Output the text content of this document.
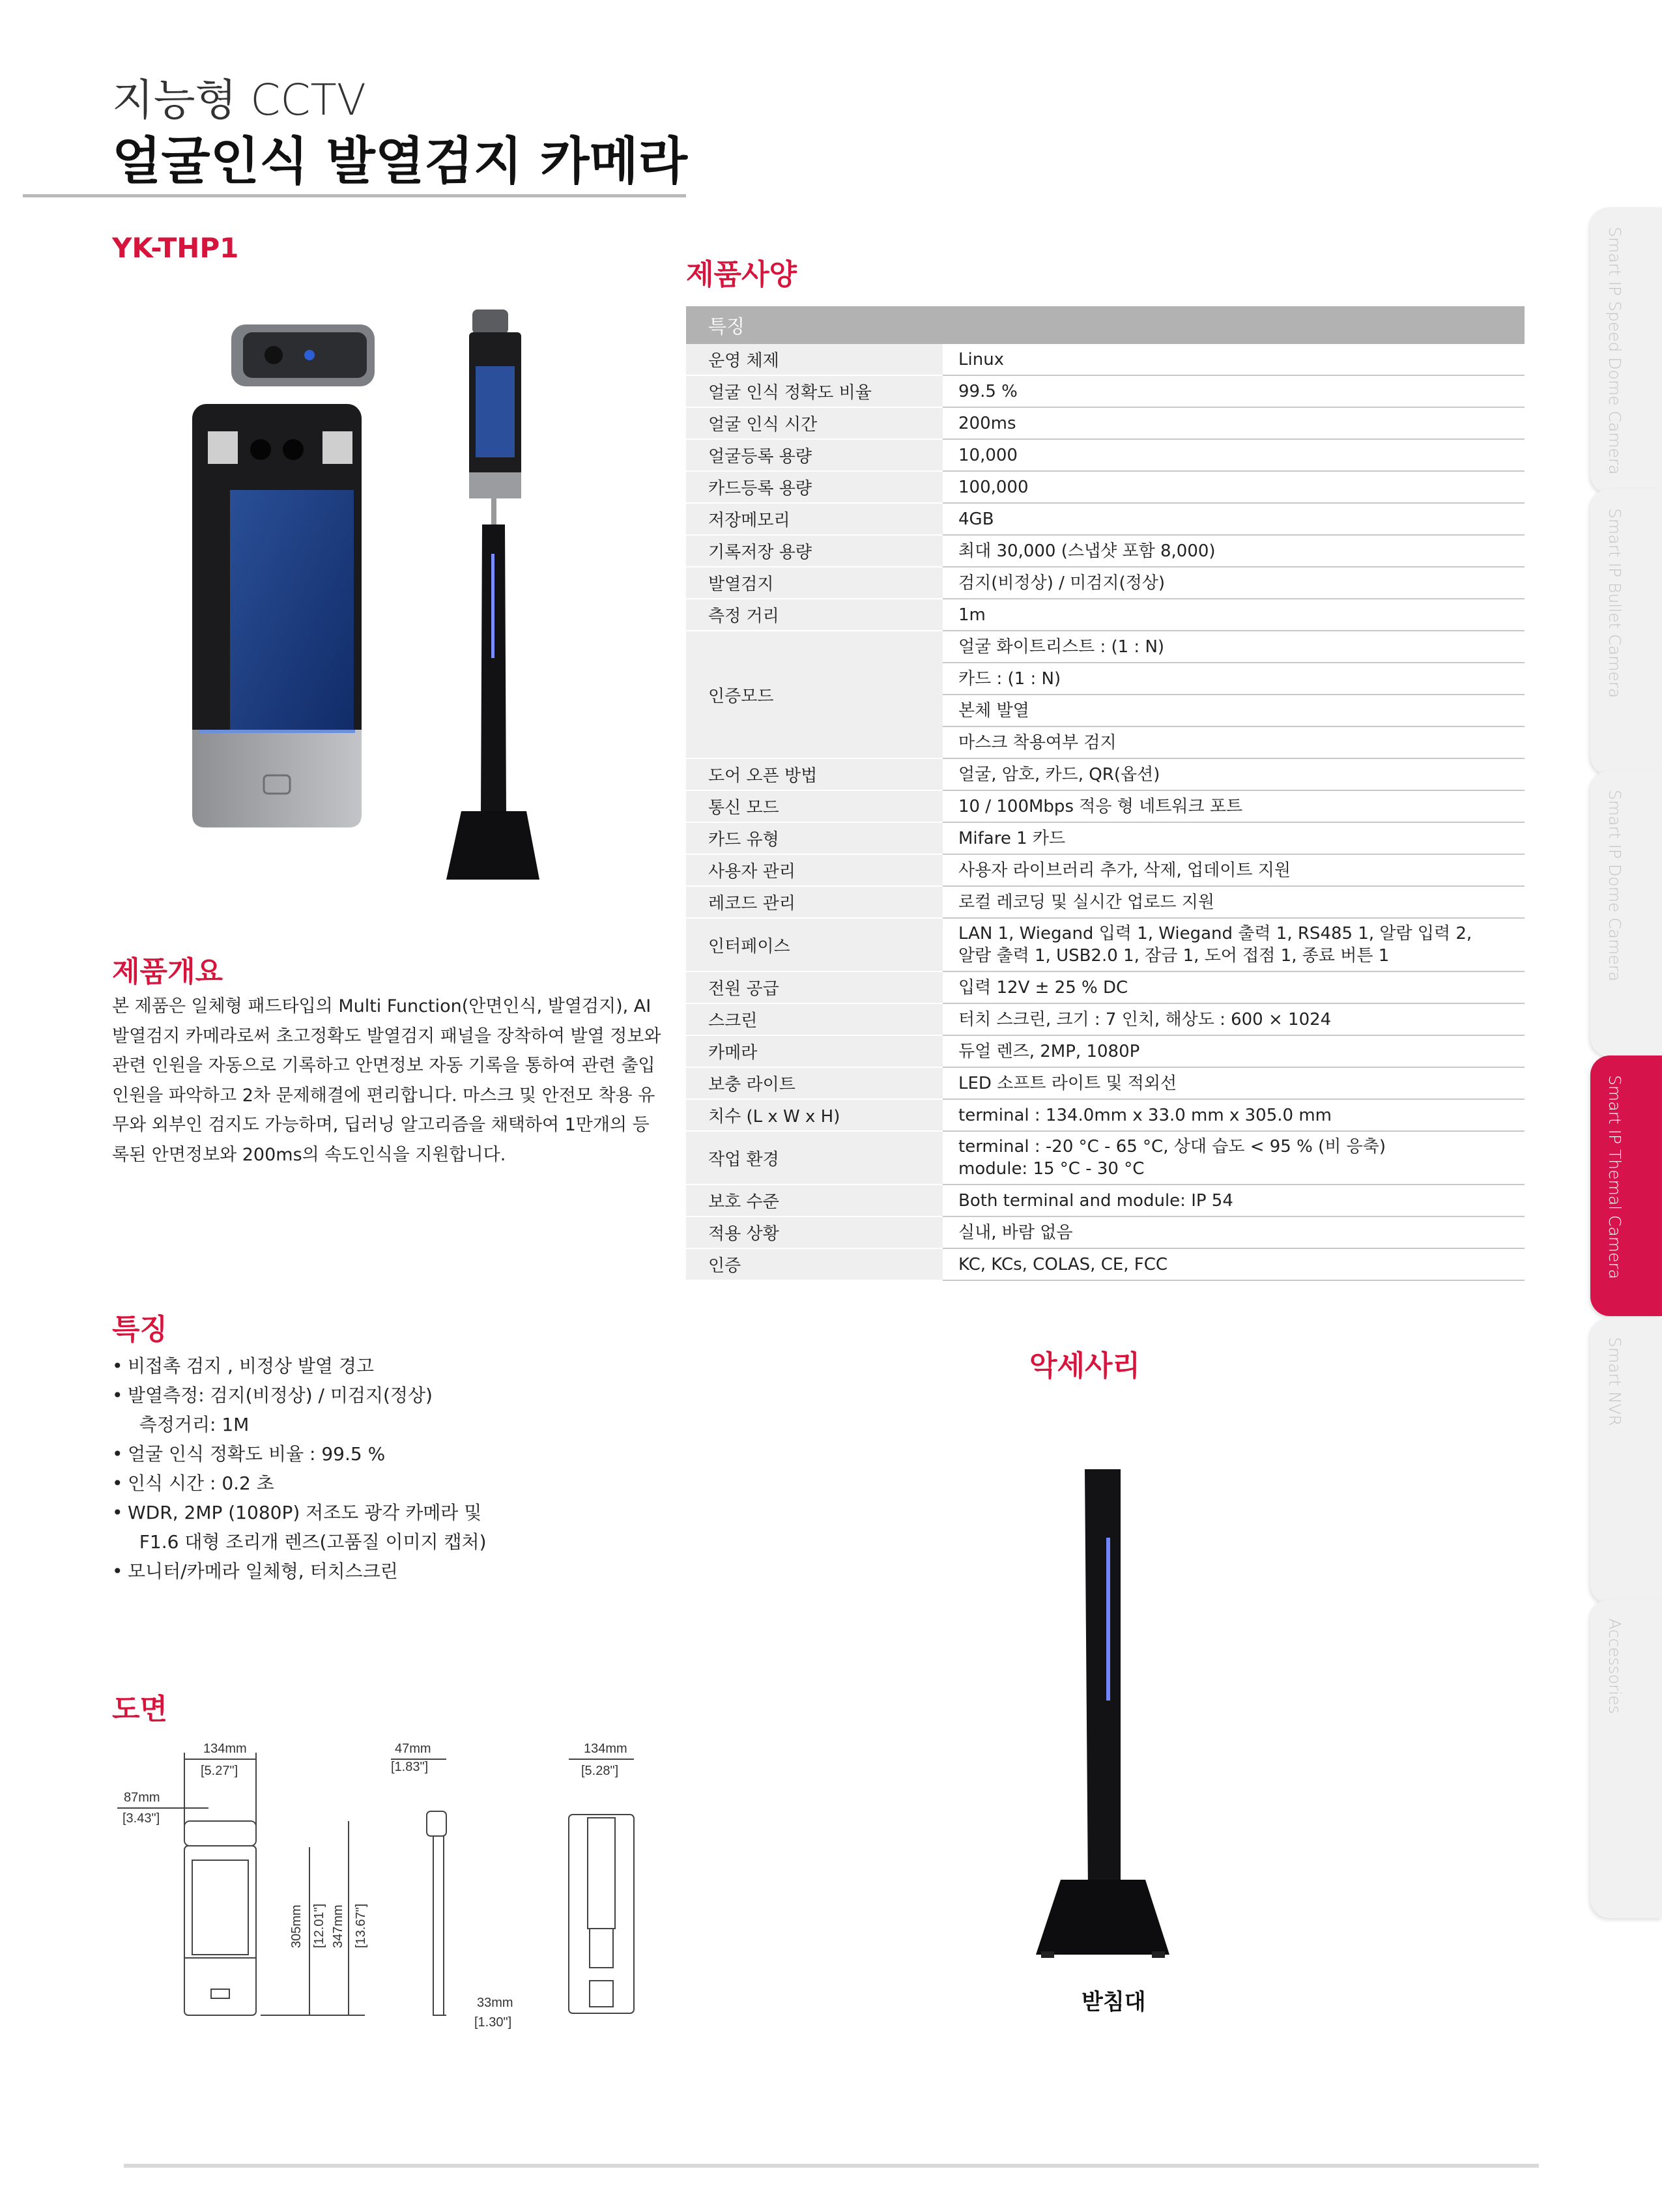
지능형 CCTV
얼굴인식 발열검지 카메라
YK-THP1
제품개요
본 제품은 일체형 패드타입의 Multi Function(안면인식, 발열검지), AI 발열검지 카메라로써 초고정확도 발열검지 패널을 장착하여 발열 정보와 관련 인원을 자동으로 기록하고 안면정보 자동 기록을 통하여 관련 출입 인원을 파악하고 2차 문제해결에 편리합니다. 마스크 및 안전모 착용 유무와 외부인 검지도 가능하며, 딥러닝 알고리즘을 채택하여 1만개의 등록된 안면정보와 200ms의 속도인식을 지원합니다.
특징
• 비접촉 검지 , 비정상 발열 경고
• 발열측정: 검지(비정상) / 미검지(정상)
측정거리: 1M
• 얼굴 인식 정확도 비율 : 99.5 %
• 인식 시간 : 0.2 초
• WDR, 2MP (1080P) 저조도 광각 카메라 및
F1.6 대형 조리개 렌즈(고품질 이미지 캡처)
• 모니터/카메라 일체형, 터치스크린
도면
134mm
[5.27"]
87mm
[3.43"]
305mm [12.01"] 347mm [13.67"]
47mm
[1.83"]
33mm
[1.30"]
134mm
[5.28"]
제품사양
특징	
운영 체제	Linux
얼굴 인식 정확도 비율	99.5 %
얼굴 인식 시간	200ms
얼굴등록 용량	10,000
카드등록 용량	100,000
저장메모리	4GB
기록저장 용량	최대 30,000 (스냅샷 포함 8,000)
발열검지	검지(비정상) / 미검지(정상)
측정 거리	1m
인증모드	얼굴 화이트리스트 : (1 : N)
	카드 : (1 : N)
	본체 발열
	마스크 착용여부 검지
도어 오픈 방법	얼굴, 암호, 카드, QR(옵션)
통신 모드	10 / 100Mbps 적응 형 네트워크 포트
카드 유형	Mifare 1 카드
사용자 관리	사용자 라이브러리 추가, 삭제, 업데이트 지원
레코드 관리	로컬 레코딩 및 실시간 업로드 지원
인터페이스	LAN 1, Wiegand 입력 1, Wiegand 출력 1, RS485 1, 알람 입력 2,
알람 출력 1, USB2.0 1, 잠금 1, 도어 접점 1, 종료 버튼 1

전원 공급	입력 12V ± 25 % DC
스크린	터치 스크린, 크기 : 7 인치, 해상도 : 600 × 1024
카메라	듀얼 렌즈, 2MP, 1080P
보충 라이트	LED 소프트 라이트 및 적외선
치수 (L x W x H)	terminal : 134.0mm x 33.0 mm x 305.0 mm
작업 환경	terminal : -20 °C - 65 °C, 상대 습도 < 95 % (비 응축)
module: 15 °C - 30 °C

보호 수준	Both terminal and module: IP 54
적용 상황	실내, 바람 없음
인증	KC, KCs, COLAS, CE, FCC
악세사리
받침대
Smart IP Speed Dome Camera
Smart IP Bullet Camera
Smart IP Dome Camera
Smart IP Themal Camera
Smart NVR
Accessories
